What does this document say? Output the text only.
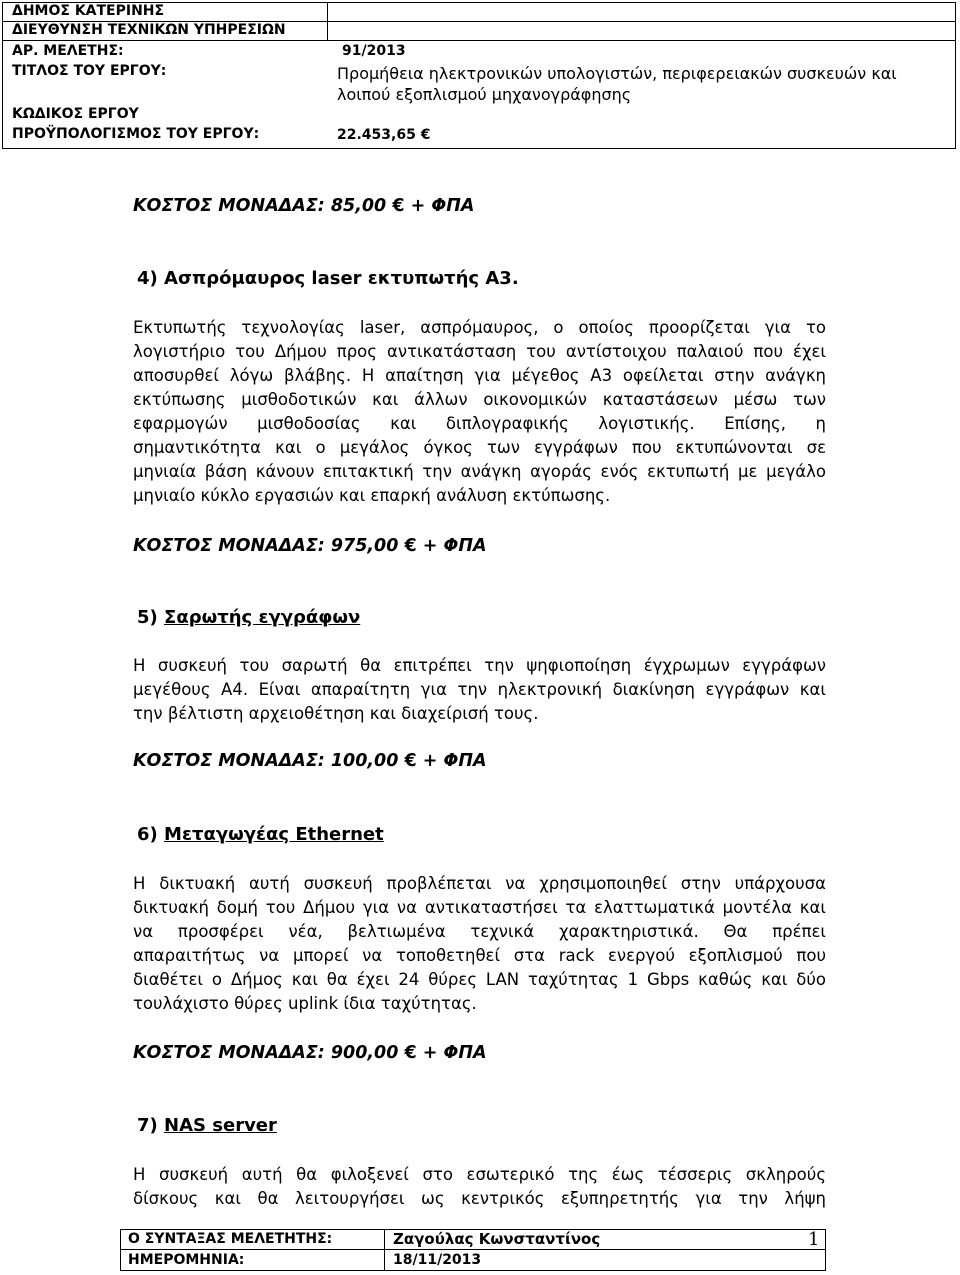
ΔΗΜΟΣ ΚΑΤΕΡΙΝΗΣ
ΔΙΕΥΘΥΝΣΗ ΤΕΧΝΙΚΩΝ ΥΠΗΡΕΣΙΩΝ
ΑΡ. ΜΕΛΕΤΗΣ:	91/2013
ΤΙΤΛΟΣ ΤΟΥ ΕΡΓΟΥ:	Προμήθεια ηλεκτρονικών υπολογιστών, περιφερειακών συσκευών και
λοιπού εξοπλισμού μηχανογράφησης
ΚΩΔΙΚΟΣ ΕΡΓΟΥ
ΠΡΟΫΠΟΛΟΓΙΣΜΟΣ ΤΟΥ ΕΡΓΟΥ:	22.453,65 €
ΚΟΣΤΟΣ ΜΟΝΑΔΑΣ: 85,00 € + ΦΠΑ
4) Ασπρόμαυρος laser εκτυπωτής Α3.
Εκτυπωτής τεχνολογίας laser, ασπρόμαυρος, ο οποίος προορίζεται για το
λογιστήριο του Δήμου προς αντικατάσταση του αντίστοιχου παλαιού που έχει
αποσυρθεί λόγω βλάβης. Η απαίτηση για μέγεθος Α3 οφείλεται στην ανάγκη
εκτύπωσης μισθοδοτικών και άλλων οικονομικών καταστάσεων μέσω των
εφαρμογών μισθοδοσίας και διπλογραφικής λογιστικής. Επίσης, η
σημαντικότητα και ο μεγάλος όγκος των εγγράφων που εκτυπώνονται σε
μηνιαία βάση κάνουν επιτακτική την ανάγκη αγοράς ενός εκτυπωτή με μεγάλο
μηνιαίο κύκλο εργασιών και επαρκή ανάλυση εκτύπωσης.
ΚΟΣΤΟΣ ΜΟΝΑΔΑΣ: 975,00 € + ΦΠΑ
5) Σαρωτής εγγράφων
Η συσκευή του σαρωτή θα επιτρέπει την ψηφιοποίηση έγχρωμων εγγράφων
μεγέθους Α4. Είναι απαραίτητη για την ηλεκτρονική διακίνηση εγγράφων και
την βέλτιστη αρχειοθέτηση και διαχείρισή τους.
ΚΟΣΤΟΣ ΜΟΝΑΔΑΣ: 100,00 € + ΦΠΑ
6) Μεταγωγέας Ethernet
Η δικτυακή αυτή συσκευή προβλέπεται να χρησιμοποιηθεί στην υπάρχουσα
δικτυακή δομή του Δήμου για να αντικαταστήσει τα ελαττωματικά μοντέλα και
να προσφέρει νέα, βελτιωμένα τεχνικά χαρακτηριστικά. Θα πρέπει
απαραιτήτως να μπορεί να τοποθετηθεί στα rack ενεργού εξοπλισμού που
διαθέτει ο Δήμος και θα έχει 24 θύρες LAN ταχύτητας 1 Gbps καθώς και δύο
τουλάχιστο θύρες uplink ίδια ταχύτητας.
ΚΟΣΤΟΣ ΜΟΝΑΔΑΣ: 900,00 € + ΦΠΑ
7) NAS server
Η συσκευή αυτή θα φιλοξενεί στο εσωτερικό της έως τέσσερις σκληρούς
δίσκους και θα λειτουργήσει ως κεντρικός εξυπηρετητής για την λήψη
Ο ΣΥΝΤΑΞΑΣ ΜΕΛΕΤΗΤΗΣ:	Ζαγούλας Κωνσταντίνος
ΗΜΕΡΟΜΗΝΙΑ:	18/11/2013
1
